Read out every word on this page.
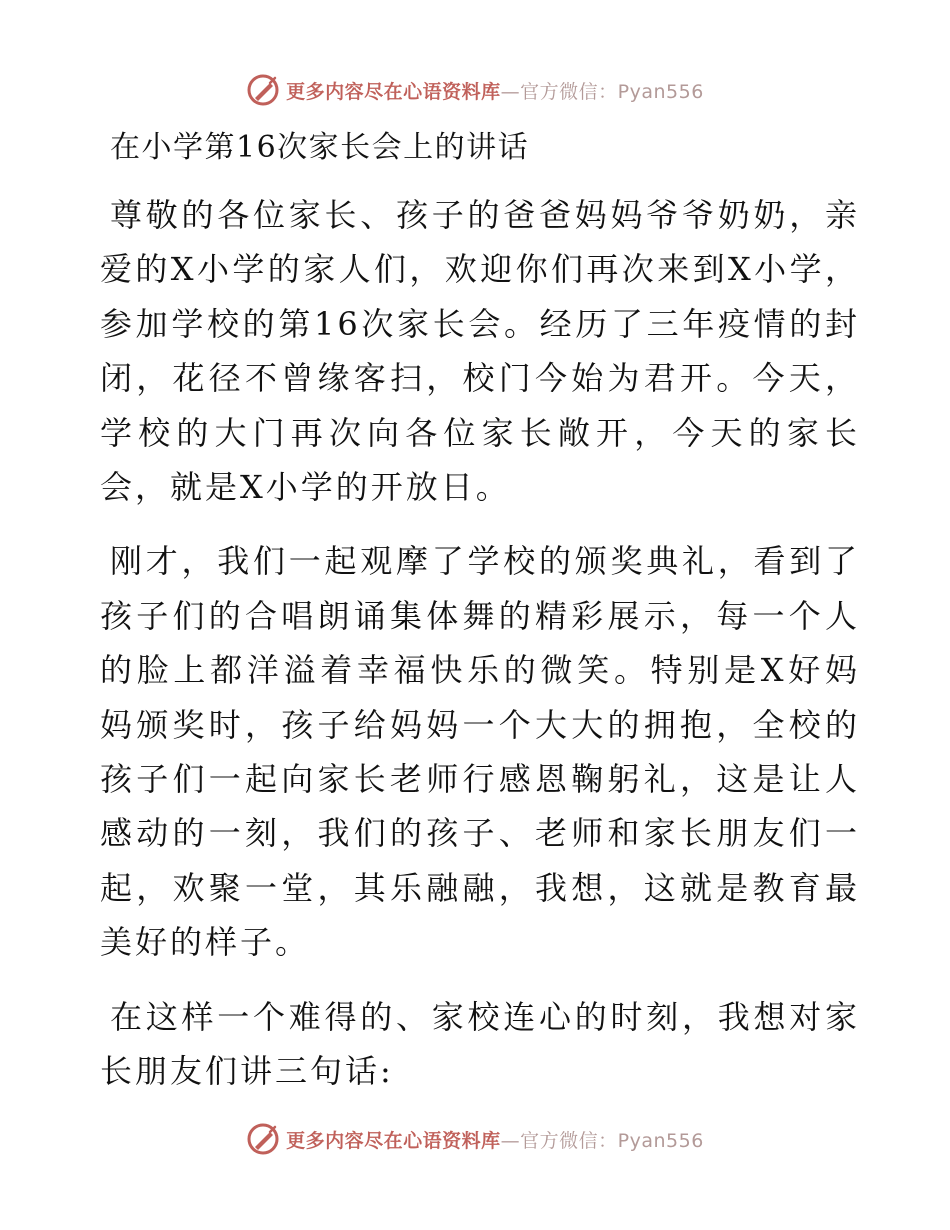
更多内容尽在心语资料库—官方微信：Pyan556
在小学第16次家长会上的讲话

尊敬的各位家长、孩子的爸爸妈妈爷爷奶奶，亲爱的X小学的家人们，欢迎你们再次来到X小学，参加学校的第16次家长会。经历了三年疫情的封闭，花径不曾缘客扫，校门今始为君开。今天，学校的大门再次向各位家长敞开，今天的家长会，就是X小学的开放日。

刚才，我们一起观摩了学校的颁奖典礼，看到了孩子们的合唱朗诵集体舞的精彩展示，每一个人的脸上都洋溢着幸福快乐的微笑。特别是X好妈妈颁奖时，孩子给妈妈一个大大的拥抱，全校的孩子们一起向家长老师行感恩鞠躬礼，这是让人感动的一刻，我们的孩子、老师和家长朋友们一起，欢聚一堂，其乐融融，我想，这就是教育最美好的样子。

在这样一个难得的、家校连心的时刻，我想对家长朋友们讲三句话:

更多内容尽在心语资料库—官方微信：Pyan556
